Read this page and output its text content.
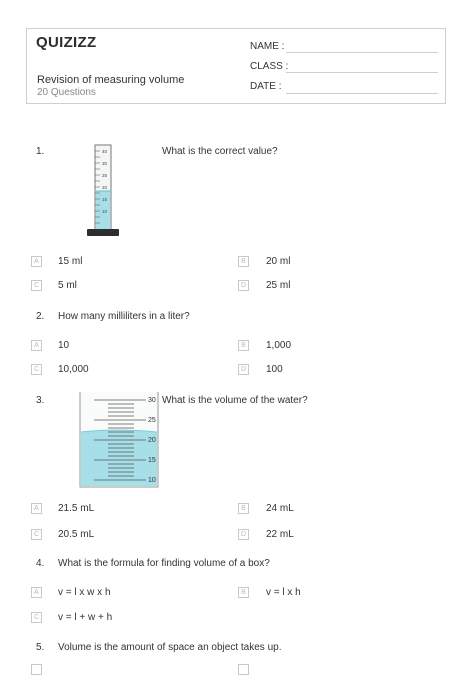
QUIZIZZ
Revision of measuring volume
20 Questions
NAME :
CLASS :
DATE :
1.	What is the correct value?
40
30
25
20
15
10
A	15 ml	B	20 ml
C 5 ml	D 25 ml
2. How many milliliters in a liter?
A	10	B	1,000
C 10,000	D 100
3.	What is the volume of the water?
30
25
20
15
10
A	21.5 mL	B	24 mL
C 20.5 mL	D 22 mL
4. What is the formula for finding volume of a box?
A	v = l x w x h	B	v = l x h
C v = l + w + h
5. Volume is the amount of space an object takes up.
